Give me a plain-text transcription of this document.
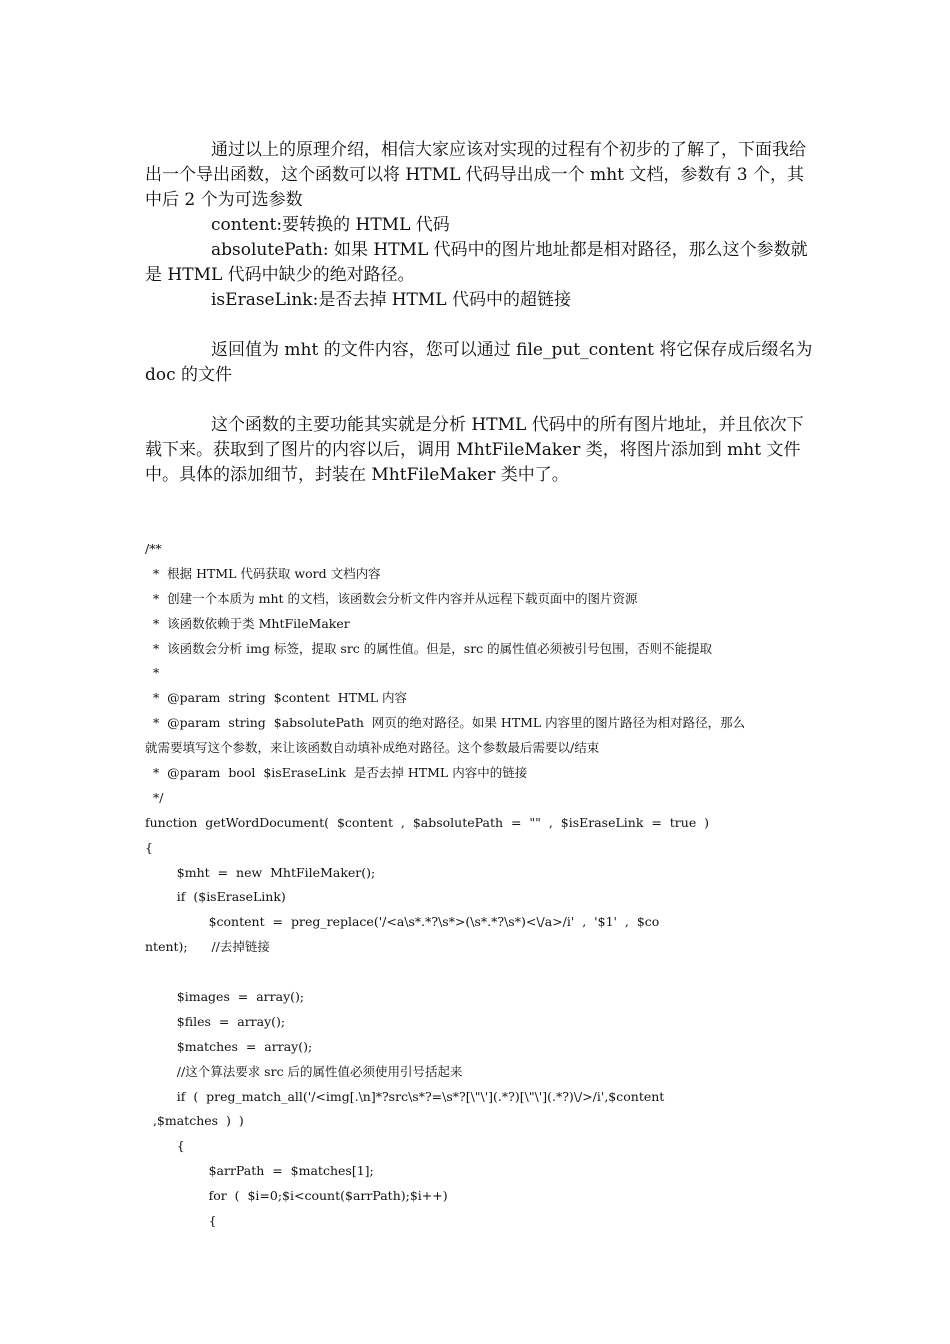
通过以上的原理介绍，相信大家应该对实现的过程有个初步的了解了，下面我给出一个导出函数，这个函数可以将 HTML 代码导出成一个 mht 文档，参数有 3 个，其中后 2 个为可选参数

content:要转换的 HTML 代码

absolutePath: 如果 HTML 代码中的图片地址都是相对路径，那么这个参数就是 HTML 代码中缺少的绝对路径。

isEraseLink:是否去掉 HTML 代码中的超链接

返回值为 mht 的文件内容，您可以通过 file_put_content 将它保存成后缀名为 doc 的文件

这个函数的主要功能其实就是分析 HTML 代码中的所有图片地址，并且依次下载下来。获取到了图片的内容以后，调用 MhtFileMaker 类，将图片添加到 mht 文件中。具体的添加细节，封装在 MhtFileMaker 类中了。

/**
*  根据 HTML 代码获取 word 文档内容
*  创建一个本质为 mht 的文档，该函数会分析文件内容并从远程下载页面中的图片资源
*  该函数依赖于类 MhtFileMaker
*  该函数会分析 img 标签，提取 src 的属性值。但是，src 的属性值必须被引号包围，否则不能提取
*
*  @param  string  $content  HTML 内容
*  @param  string  $absolutePath  网页的绝对路径。如果 HTML 内容里的图片路径为相对路径，那么
就需要填写这个参数，来让该函数自动填补成绝对路径。这个参数最后需要以/结束
*  @param  bool  $isEraseLink  是否去掉 HTML 内容中的链接
*/
function  getWordDocument(  $content  ,  $absolutePath  =  ""  ,  $isEraseLink  =  true  )
{
$mht  =  new  MhtFileMaker();
if  ($isEraseLink)
$content  =  preg_replace('/<a\s*.*?\s*>(\s*.*?\s*)<\/a>/i'  ,  '$1'  ,  $co
ntent);      //去掉链接
$images  =  array();
$files  =  array();
$matches  =  array();
//这个算法要求 src 后的属性值必须使用引号括起来
if  (  preg_match_all('/<img[.\n]*?src\s*?=\s*?[\"\'](.*?)[\"\'](.*?)\/>/i',$content
,$matches  )  )
{
$arrPath  =  $matches[1];
for  (  $i=0;$i<count($arrPath);$i++)
{
